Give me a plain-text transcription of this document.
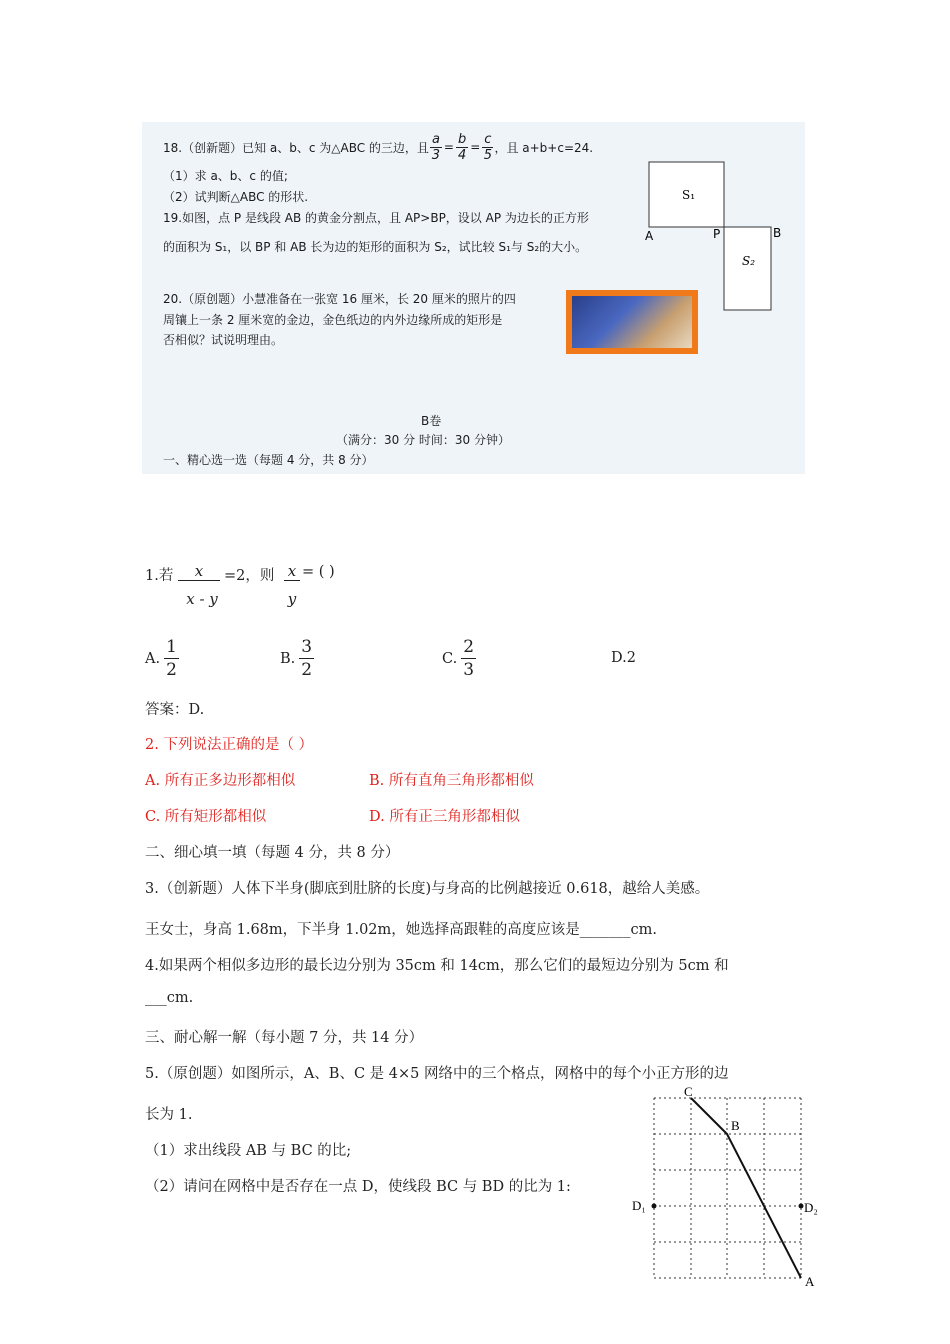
18.（创新题）已知 a、b、c 为△ABC 的三边，且 $\frac{a}{3} = \frac{b}{4} = \frac{c}{5}$ ，且 a+b+c=24.
（1）求 a、b、c 的值;
（2）试判断△ABC 的形状.
19.如图，点 P 是线段 AB 的黄金分割点，且 AP>BP，设以 AP 为边长的正方形
的面积为 S₁，以 BP 和 AB 长为边的矩形的面积为 S₂，试比较 S₁与 S₂的大小。
S₁
S₂
A	P	B
20.（原创题）小慧准备在一张宽 16 厘米，长 20 厘米的照片的四
周镶上一条 2 厘米宽的金边，金色纸边的内外边缘所成的矩形是
否相似？试说明理由。
B卷
（满分：30 分 时间：30 分钟）
一、精心选一选（每题 4 分，共 8 分）
1.若	x
x - y
=2，则 x
y
= ( )
A. $\frac{1}{2}$	B. $\frac{3}{2}$	C. $\frac{2}{3}$	D.2
答案：D.
2. 下列说法正确的是（ ）
A. 所有正多边形都相似	B. 所有直角三角形都相似
C. 所有矩形都相似	D. 所有正三角形都相似
二、细心填一填（每题 4 分，共 8 分）
3.（创新题）人体下半身(脚底到肚脐的长度)与身高的比例越接近 0.618，越给人美感。
王女士，身高 1.68m，下半身 1.02m，她选择高跟鞋的高度应该是_______cm.
4.如果两个相似多边形的最长边分别为 35cm 和 14cm，那么它们的最短边分别为 5cm 和
___cm.
三、耐心解一解（每小题 7 分，共 14 分）
5.（原创题）如图所示，A、B、C 是 4×5 网络中的三个格点，网格中的每个小正方形的边
长为 1.
（1）求出线段 AB 与 BC 的比;
（2）请问在网格中是否存在一点 D，使线段 BC 与 BD 的比为 1:
C
B
D₁	D₂
A
